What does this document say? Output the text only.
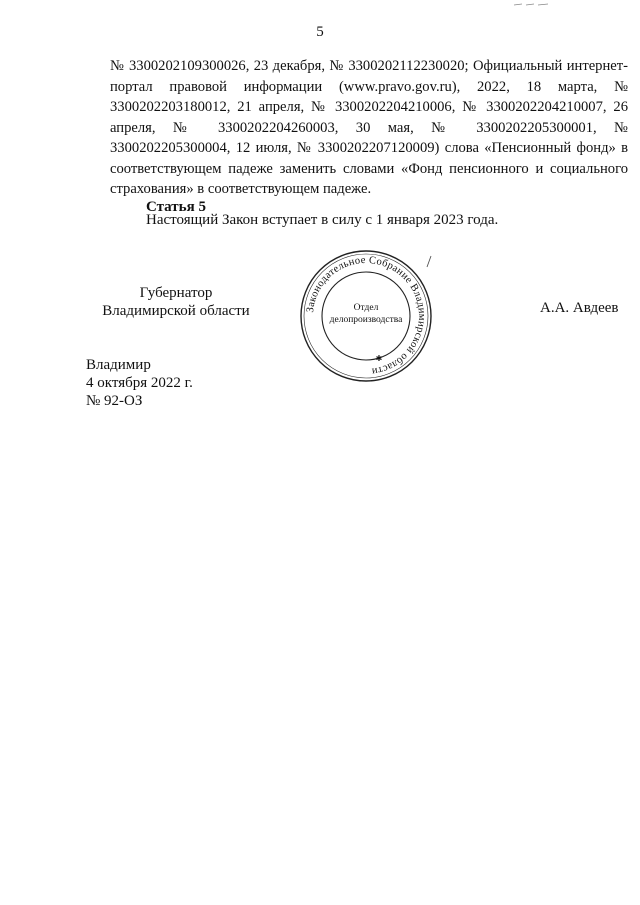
5

№ 3300202109300026, 23 декабря, № 3300202112230020; Официальный интернет-портал правовой информации (www.pravo.gov.ru), 2022, 18 марта, № 3300202203180012, 21 апреля, № 3300202204210006, № 3300202204210007, 26 апреля, № 3300202204260003, 30 мая, № 3300202205300001, № 3300202205300004, 12 июля, № 3300202207120009) слова «Пенсионный фонд» в соответствующем падеже заменить словами «Фонд пенсионного и социального страхования» в соответствующем падеже.

Статья 5
Настоящий Закон вступает в силу с 1 января 2023 года.
Губернатор
Владимирской области	Законодательное Собрание Владимирской области
Отдел
делопроизводства
✱
А.А. Авдеев
Владимир
4 октября 2022 г.
№ 92-ОЗ
